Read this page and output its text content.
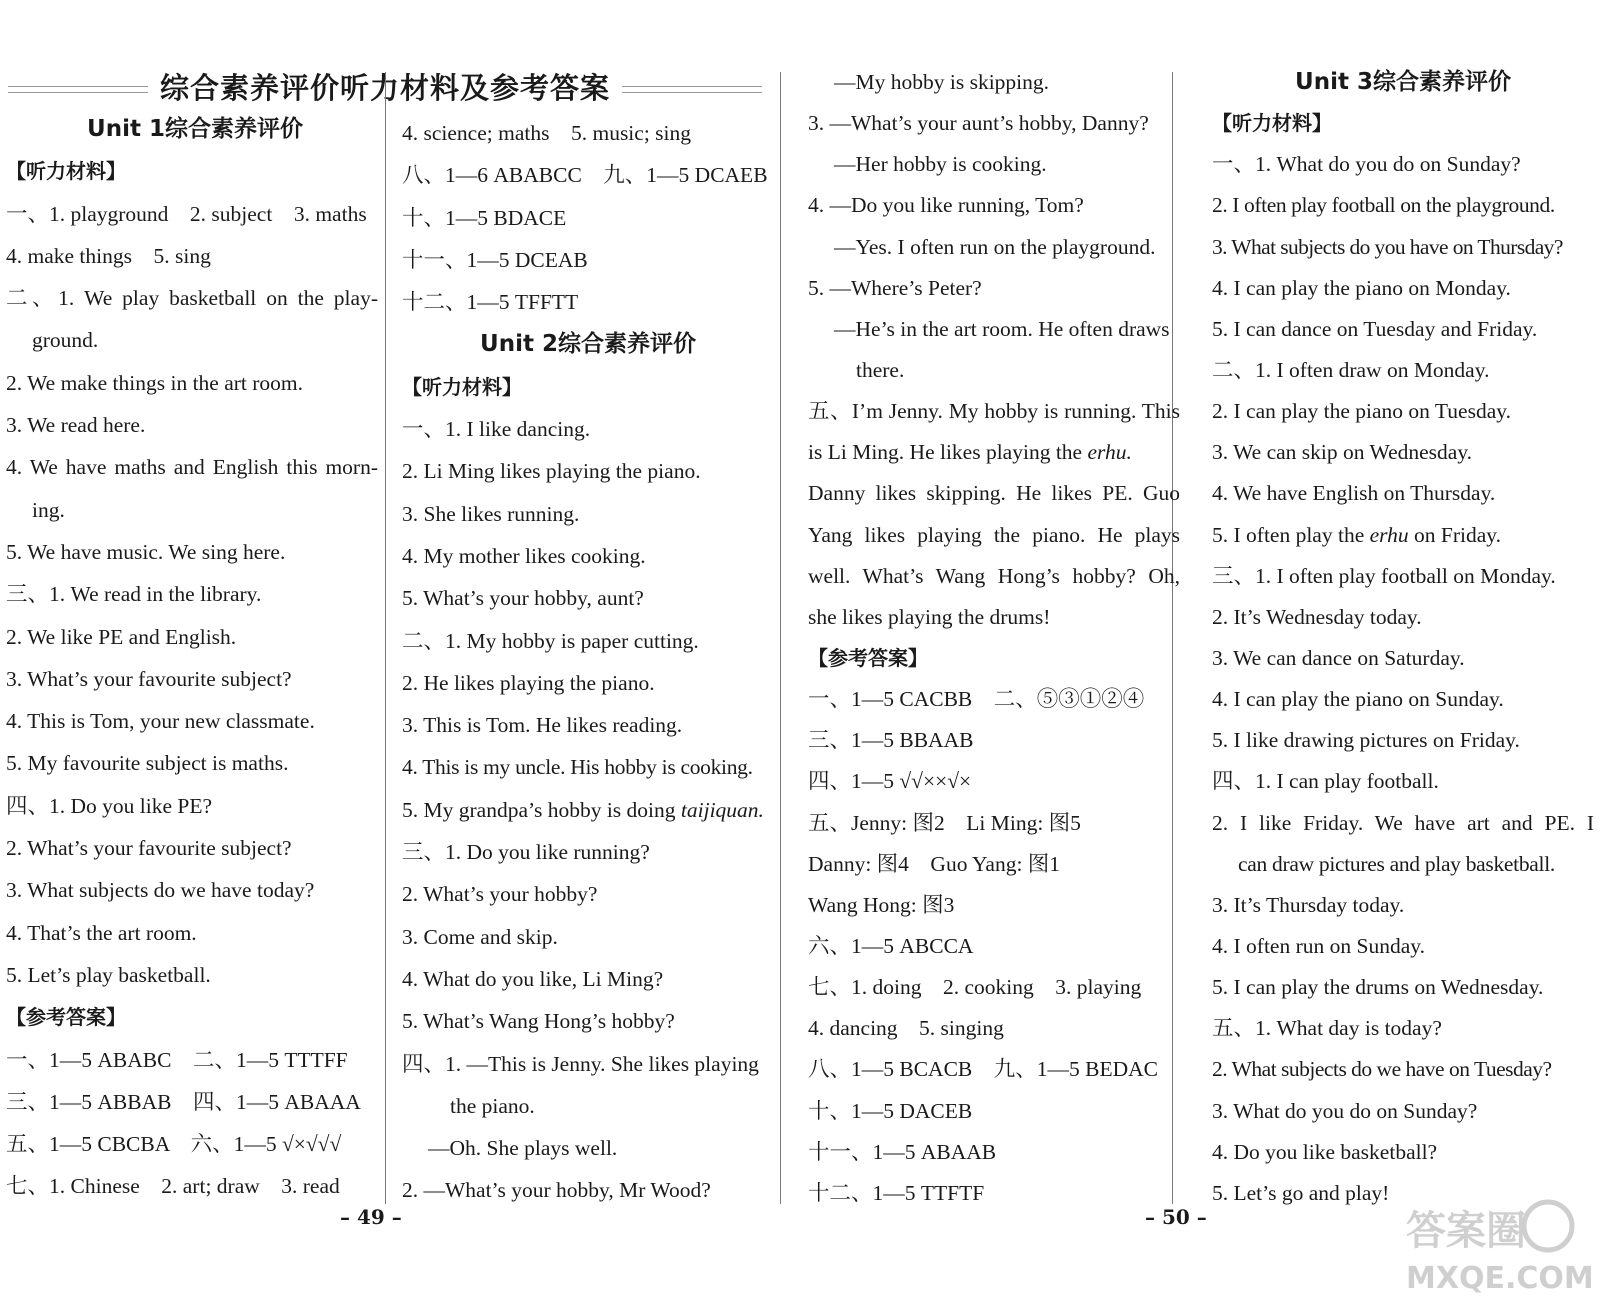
综合素养评价听力材料及参考答案
Unit 1综合素养评价
【听力材料】
一、1. playground　2. subject　3. maths
4. make things　5. sing
二、1. We play basketball on the play-
ground.
2. We make things in the art room.
3. We read here.
4. We have maths and English this morn-
ing.
5. We have music. We sing here.
三、1. We read in the library.
2. We like PE and English.
3. What’s your favourite subject?
4. This is Tom, your new classmate.
5. My favourite subject is maths.
四、1. Do you like PE?
2. What’s your favourite subject?
3. What subjects do we have today?
4. That’s the art room.
5. Let’s play basketball.
【参考答案】
一、1—5 ABABC　二、1—5 TTTFF
三、1—5 ABBAB　四、1—5 ABAAA
五、1—5 CBCBA　六、1—5 √×√√√
七、1. Chinese　2. art; draw　3. read
4. science; maths　5. music; sing
八、1—6 ABABCC　九、1—5 DCAEB
十、1—5 BDACE
十一、1—5 DCEAB
十二、1—5 TFFTT
Unit 2综合素养评价
【听力材料】
一、1. I like dancing.
2. Li Ming likes playing the piano.
3. She likes running.
4. My mother likes cooking.
5. What’s your hobby, aunt?
二、1. My hobby is paper cutting.
2. He likes playing the piano.
3. This is Tom. He likes reading.
4. This is my uncle. His hobby is cooking.
5. My grandpa’s hobby is doing taijiquan.
三、1. Do you like running?
2. What’s your hobby?
3. Come and skip.
4. What do you like, Li Ming?
5. What’s Wang Hong’s hobby?
四、1. —This is Jenny. She likes playing
the piano.
—Oh. She plays well.
2. —What’s your hobby, Mr Wood?
—My hobby is skipping.
3. —What’s your aunt’s hobby, Danny?
—Her hobby is cooking.
4. —Do you like running, Tom?
—Yes. I often run on the playground.
5. —Where’s Peter?
—He’s in the art room. He often draws
there.
五、I’m Jenny. My hobby is running. This
is Li Ming. He likes playing the erhu.
Danny likes skipping. He likes PE. Guo
Yang likes playing the piano. He plays
well. What’s Wang Hong’s hobby? Oh,
she likes playing the drums!
【参考答案】
一、1—5 CACBB　二、⑤③①②④
三、1—5 BBAAB
四、1—5 √√××√×
五、Jenny: 图2　Li Ming: 图5
Danny: 图4　Guo Yang: 图1
Wang Hong: 图3
六、1—5 ABCCA
七、1. doing　2. cooking　3. playing
4. dancing　5. singing
八、1—5 BCACB　九、1—5 BEDAC
十、1—5 DACEB
十一、1—5 ABAAB
十二、1—5 TTFTF
Unit 3综合素养评价
【听力材料】
一、1. What do you do on Sunday?
2. I often play football on the playground.
3. What subjects do you have on Thursday?
4. I can play the piano on Monday.
5. I can dance on Tuesday and Friday.
二、1. I often draw on Monday.
2. I can play the piano on Tuesday.
3. We can skip on Wednesday.
4. We have English on Thursday.
5. I often play the erhu on Friday.
三、1. I often play football on Monday.
2. It’s Wednesday today.
3. We can dance on Saturday.
4. I can play the piano on Sunday.
5. I like drawing pictures on Friday.
四、1. I can play football.
2. I like Friday. We have art and PE. I
can draw pictures and play basketball.
3. It’s Thursday today.
4. I often run on Sunday.
5. I can play the drums on Wednesday.
五、1. What day is today?
2. What subjects do we have on Tuesday?
3. What do you do on Sunday?
4. Do you like basketball?
5. Let’s go and play!
– 49 –	– 50 –	答案圈
MXQE.COM
